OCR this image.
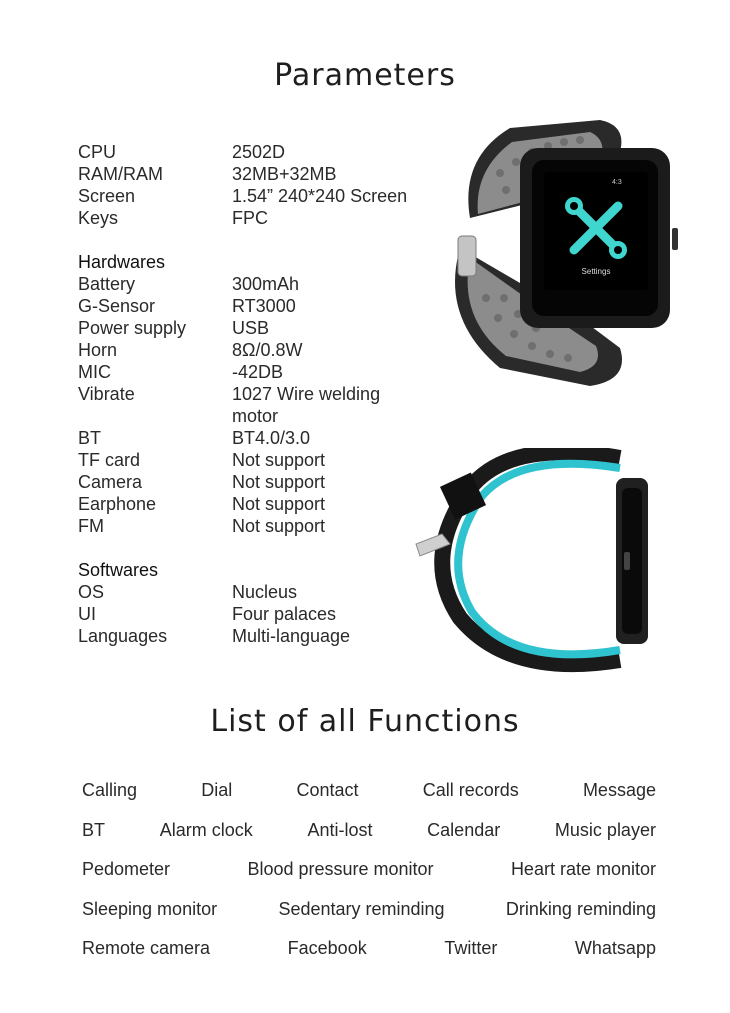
Parameters
CPU	2502D
RAM/RAM	32MB+32MB
Screen	1.54” 240*240 Screen
Keys	FPC
Hardwares
Battery	300mAh
G-Sensor	RT3000
Power supply	USB
Horn	8Ω/0.8W
MIC	-42DB
Vibrate	1027 Wire welding motor
BT	BT4.0/3.0
TF card	Not support
Camera	Not support
Earphone	Not support
FM	Not support
Softwares
OS	Nucleus
UI	Four palaces
Languages	Multi-language
4:3
Settings
List of all Functions
Calling	Dial	Contact	Call records	Message
BT	Alarm clock	Anti-lost	Calendar	Music player
Pedometer	Blood pressure monitor	Heart rate monitor
Sleeping monitor	Sedentary reminding	Drinking reminding
Remote camera	Facebook	Twitter	Whatsapp
